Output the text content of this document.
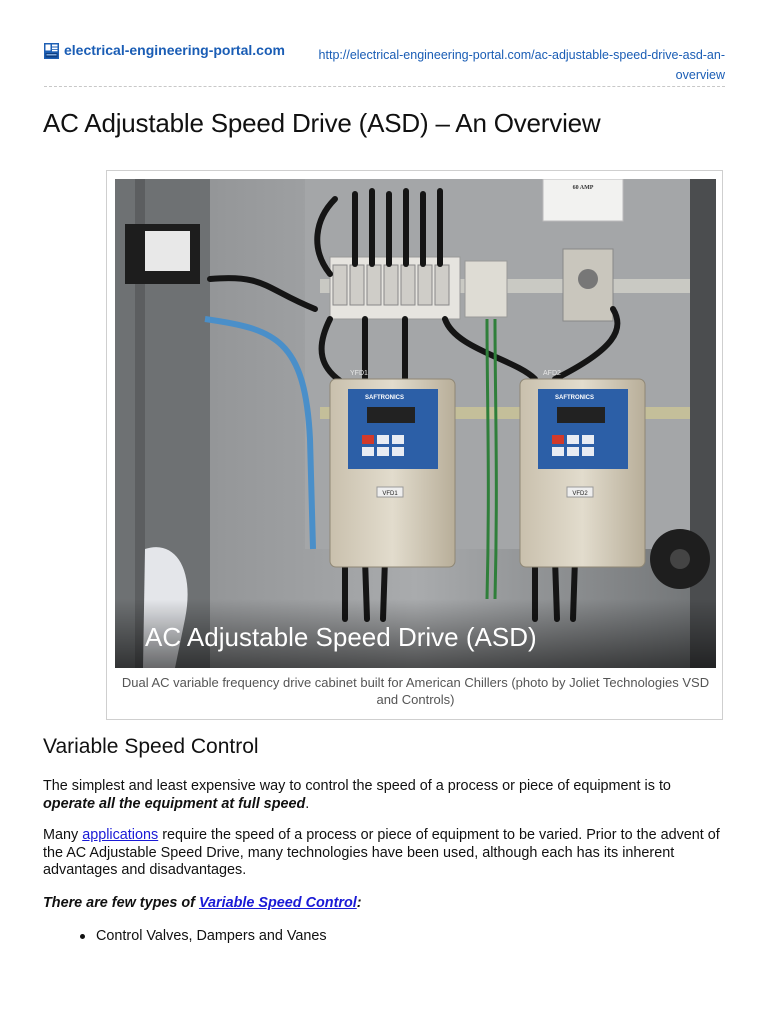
electrical-engineering-portal.com	http://electrical-engineering-portal.com/ac-adjustable-speed-drive-asd-an-overview
AC Adjustable Speed Drive (ASD) – An Overview
60 AMP
SAFTRONICS
VFD1
YFD1
SAFTRONICS
VFD2
AFD2
AC Adjustable Speed Drive (ASD)
Dual AC variable frequency drive cabinet built for American Chillers (photo by Joliet Technologies VSD and Controls)
Variable Speed Control

The simplest and least expensive way to control the speed of a process or piece of equipment is to operate all the equipment at full speed.

Many applications require the speed of a process or piece of equipment to be varied. Prior to the advent of the AC Adjustable Speed Drive, many technologies have been used, although each has its inherent advantages and disadvantages.

There are few types of Variable Speed Control:

Control Valves, Dampers and Vanes
